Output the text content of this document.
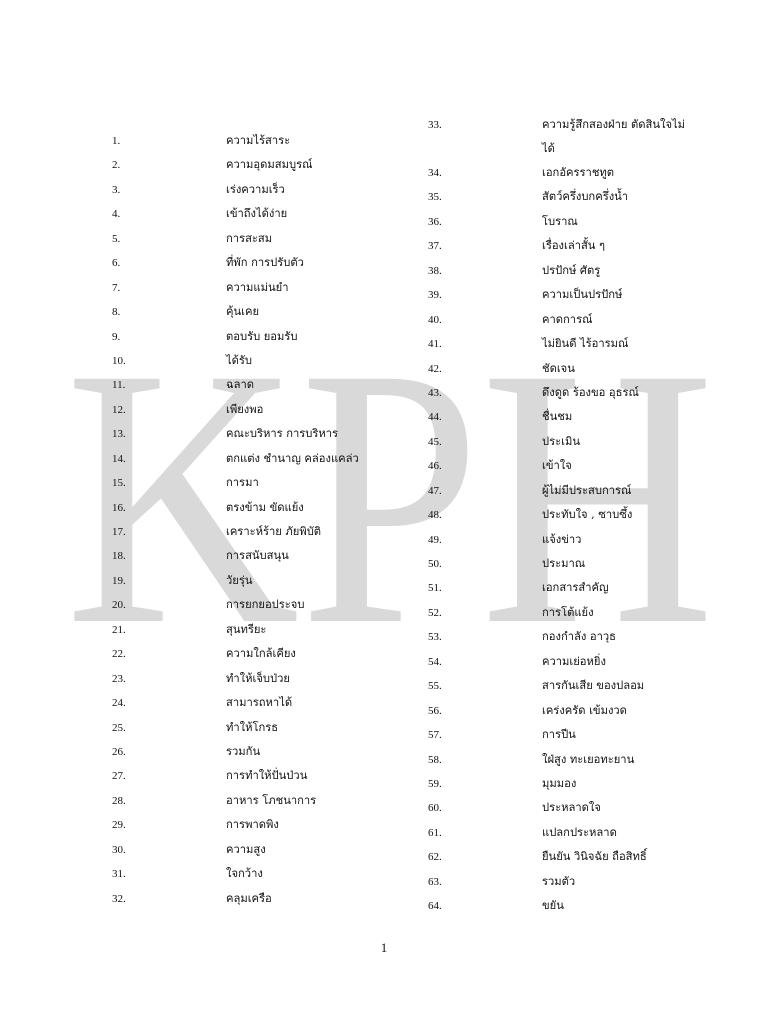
KPH
1.	ความไร้สาระ
2.	ความอุดมสมบูรณ์
3.	เร่งความเร็ว
4.	เข้าถึงได้ง่าย
5.	การสะสม
6.	ที่พัก การปรับตัว
7.	ความแม่นยำ
8.	คุ้นเคย
9.	ตอบรับ ยอมรับ
10.	ได้รับ
11.	ฉลาด
12.	เพียงพอ
13.	คณะบริหาร การบริหาร
14.	ตกแต่ง ชำนาญ คล่องแคล่ว
15.	การมา
16.	ตรงข้าม ขัดแย้ง
17.	เคราะห์ร้าย ภัยพิบัติ
18.	การสนับสนุน
19.	วัยรุ่น
20.	การยกยอประจบ
21.	สุนทรียะ
22.	ความใกล้เคียง
23.	ทำให้เจ็บป่วย
24.	สามารถหาได้
25.	ทำให้โกรธ
26.	รวมกัน
27.	การทำให้ปั่นป่วน
28.	อาหาร โภชนาการ
29.	การพาดพิง
30.	ความสูง
31.	ใจกว้าง
32.	คลุมเครือ
33.	ความรู้สึกสองฝ่าย ตัดสินใจไม่ได้
34.	เอกอัครราชทูต
35.	สัตว์ครึ่งบกครึ่งน้ำ
36.	โบราณ
37.	เรื่องเล่าสั้น ๆ
38.	ปรปักษ์ ศัตรู
39.	ความเป็นปรปักษ์
40.	คาดการณ์
41.	ไม่ยินดี ไร้อารมณ์
42.	ชัดเจน
43.	ดึงดูด ร้องขอ อุธรณ์
44.	ชื่นชม
45.	ประเมิน
46.	เข้าใจ
47.	ผู้ไม่มีประสบการณ์
48.	ประทับใจ , ซาบซึ้ง
49.	แจ้งข่าว
50.	ประมาณ
51.	เอกสารสำคัญ
52.	การโต้แย้ง
53.	กองกำลัง อาวุธ
54.	ความเย่อหยิ่ง
55.	สารกันเสีย ของปลอม
56.	เคร่งครัด เข้มงวด
57.	การปีน
58.	ใฝ่สูง ทะเยอทะยาน
59.	มุมมอง
60.	ประหลาดใจ
61.	แปลกประหลาด
62.	ยืนยัน วินิจฉัย ถือสิทธิ์
63.	รวมตัว
64.	ขยัน
1
